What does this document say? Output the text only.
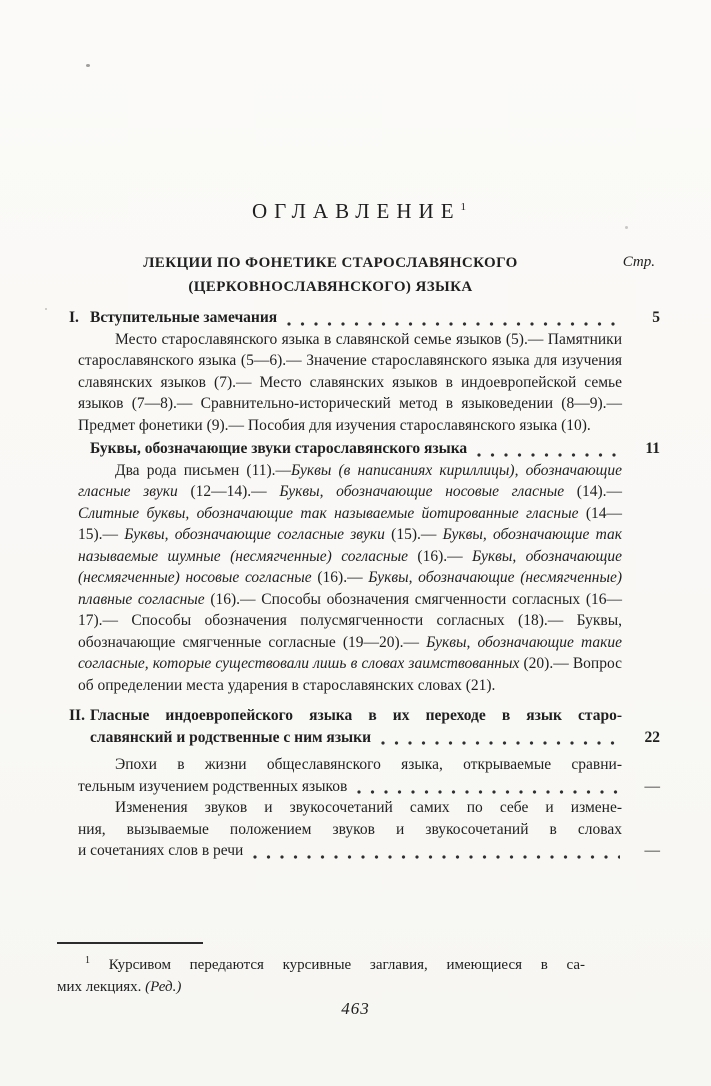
ОГЛАВЛЕНИЕ$^1$
ЛЕКЦИИ ПО ФОНЕТИКЕ СТАРОСЛАВЯНСКОГО
(ЦЕРКОВНОСЛАВЯНСКОГО) ЯЗЫКА
Стр.
I. Вступительные замечания	5
Место старославянского языка в славянской семье языков (5).— Памятники старославянского языка (5—6).— Значение старославянского языка для изучения славянских языков (7).— Место славянских языков в индоевропейской семье языков (7—8).— Сравнительно-исторический метод в языковедении (8—9).— Предмет фонетики (9).— Пособия для изучения старославянского языка (10).
Буквы, обозначающие звуки старославянского языка	11
Два рода письмен (11).—Буквы (в написаниях кириллицы), обозначающие гласные звуки (12—14).— Буквы, обозначающие носовые гласные (14).— Слитные буквы, обозначающие так называемые йотированные гласные (14—15).— Буквы, обозначающие согласные звуки (15).— Буквы, обозначающие так называемые шумные (несмягченные) согласные (16).— Буквы, обозначающие (несмягченные) носовые согласные (16).— Буквы, обозначающие (несмягченные) плавные согласные (16).— Способы обозначения смягченности согласных (16—17).— Способы обозначения полусмягченности согласных (18).— Буквы, обозначающие смягченные согласные (19—20).— Буквы, обозначающие такие согласные, которые существовали лишь в словах заимствованных (20).— Вопрос об определении места ударения в старославянских словах (21).
II. Гласные индоевропейского языка в их переходе в язык старо-
славянский и родственные с ним языки	22
Эпохи в жизни общеславянского языка, открываемые сравни-
тельным изучением родственных языков	—
Изменения звуков и звукосочетаний самих по себе и измене-
ния, вызываемые положением звуков и звукосочетаний в словах
и сочетаниях слов в речи	—
$^1$ Курсивом передаются курсивные заглавия, имеющиеся в са-
мих лекциях. (Ред.)
463
